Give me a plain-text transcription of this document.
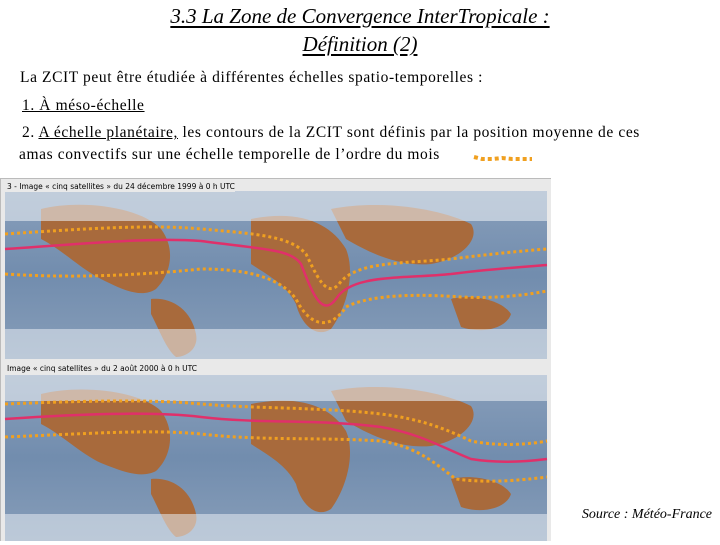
3.3 La Zone de Convergence InterTropicale :
Définition (2)
La ZCIT peut être étudiée à différentes échelles spatio-temporelles :
1. À méso-échelle
2. A échelle planétaire, les contours de la ZCIT sont définis par la position moyenne de ces
amas convectifs sur une échelle temporelle de l’ordre du mois
3 - Image « cinq satellites » du 24 décembre 1999 à 0 h UTC
Image « cinq satellites » du 2 août 2000 à 0 h UTC
Source : Météo-France
